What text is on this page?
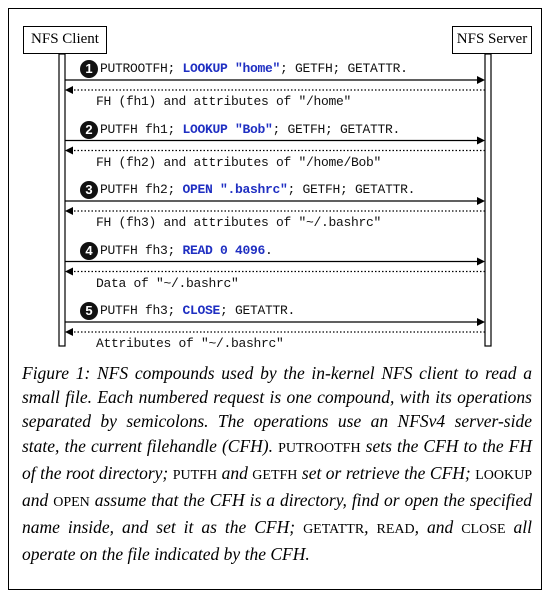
NFS Client	NFS Server
1 PUTROOTFH; LOOKUP "home"; GETFH; GETATTR.
FH (fh1) and attributes of "/home"
2 PUTFH fh1; LOOKUP "Bob"; GETFH; GETATTR.
FH (fh2) and attributes of "/home/Bob"
3 PUTFH fh2; OPEN ".bashrc"; GETFH; GETATTR.
FH (fh3) and attributes of "~/.bashrc"
4 PUTFH fh3; READ 0 4096.
Data of "~/.bashrc"
5 PUTFH fh3; CLOSE; GETATTR.
Attributes of "~/.bashrc"
Figure 1: NFS compounds used by the in-kernel NFS client to read a small file. Each numbered request is one compound, with its operations separated by semicolons. The operations use an NFSv4 server-side state, the current filehandle (CFH). PUTROOTFH sets the CFH to the FH of the root directory; PUTFH and GETFH set or retrieve the CFH; LOOKUP and OPEN assume that the CFH is a directory, find or open the specified name inside, and set it as the CFH; GETATTR, READ, and CLOSE all operate on the file indicated by the CFH.
